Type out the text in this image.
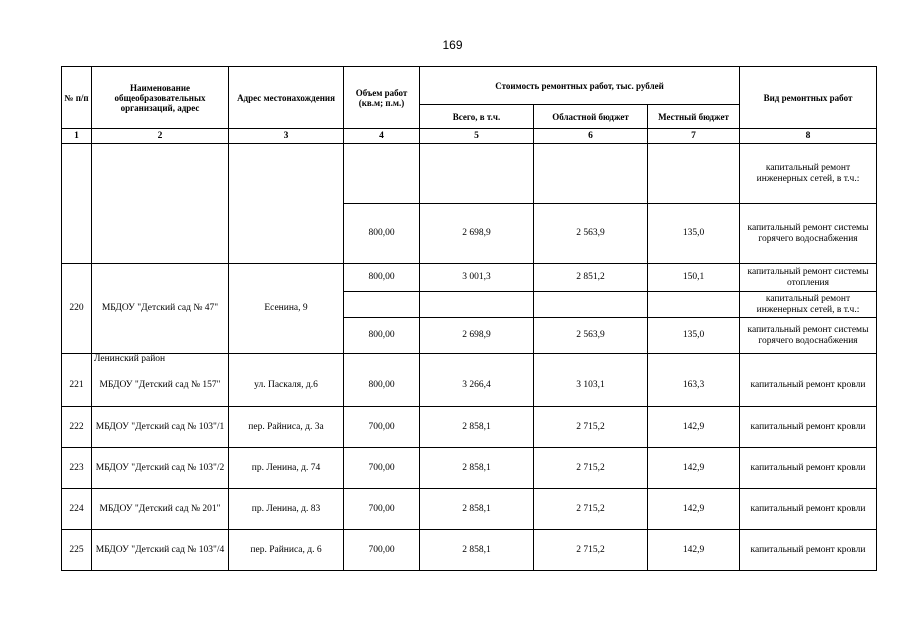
169
№ п/п	Наименование общеобразовательных организаций, адрес	Адрес местонахождения	Объем работ (кв.м; п.м.)	Стоимость ремонтных работ, тыс. рублей			Вид ремонтных работ
				Всего, в т.ч.	Областной бюджет	Местный бюджет	
1	2	3	4	5	6	7	8
							капитальный ремонт инженерных сетей, в т.ч.:
			800,00	2 698,9	2 563,9	135,0	капитальный ремонт системы горячего водоснабжения
220	МБДОУ "Детский сад № 47"	Есенина, 9	800,00	3 001,3	2 851,2	150,1	капитальный ремонт системы отопления
							капитальный ремонт инженерных сетей, в т.ч.:
			800,00	2 698,9	2 563,9	135,0	капитальный ремонт системы горячего водоснабжения
	Ленинский район						
221	МБДОУ "Детский сад № 157"	ул. Паскаля, д.6	800,00	3 266,4	3 103,1	163,3	капитальный ремонт кровли
222	МБДОУ "Детский сад № 103"/1	пер. Райниса, д. 3а	700,00	2 858,1	2 715,2	142,9	капитальный ремонт кровли
223	МБДОУ "Детский сад № 103"/2	пр. Ленина, д. 74	700,00	2 858,1	2 715,2	142,9	капитальный ремонт кровли
224	МБДОУ "Детский сад № 201"	пр. Ленина, д. 83	700,00	2 858,1	2 715,2	142,9	капитальный ремонт кровли
225	МБДОУ "Детский сад № 103"/4	пер. Райниса, д. 6	700,00	2 858,1	2 715,2	142,9	капитальный ремонт кровли
